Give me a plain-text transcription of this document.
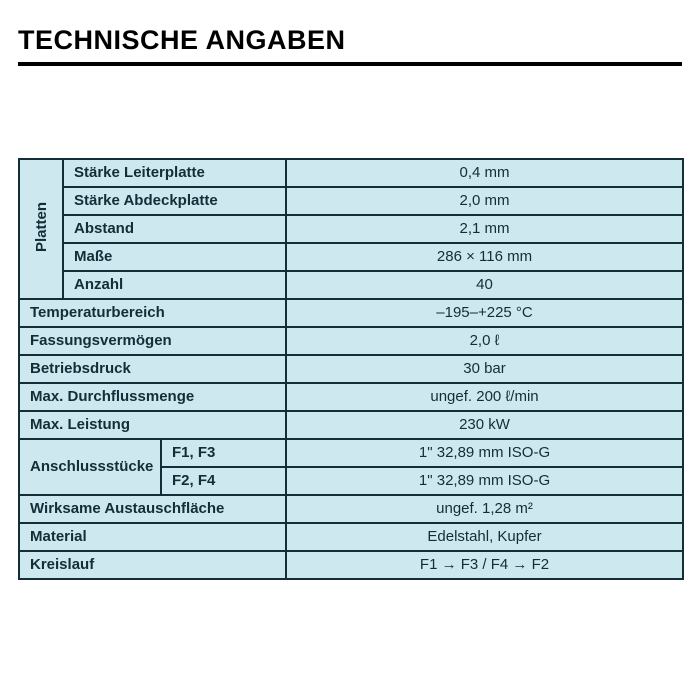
TECHNISCHE ANGABEN
Platten	Stärke Leiterplatte		0,4 mm
	Stärke Abdeckplatte		2,0 mm
	Abstand		2,1 mm
	Maße		286 × 116 mm
	Anzahl		40
Temperaturbereich			–195–+225 °C
Fassungsvermögen			2,0 ℓ
Betriebsdruck			30 bar
Max. Durchflussmenge			ungef. 200 ℓ/min
Max. Leistung			230 kW
Anschlussstücke		F1, F3	1" 32,89 mm ISO-G
		F2, F4	1" 32,89 mm ISO-G
Wirksame Austauschfläche			ungef. 1,28 m²
Material			Edelstahl, Kupfer
Kreislauf			F1 → F3 / F4 → F2
